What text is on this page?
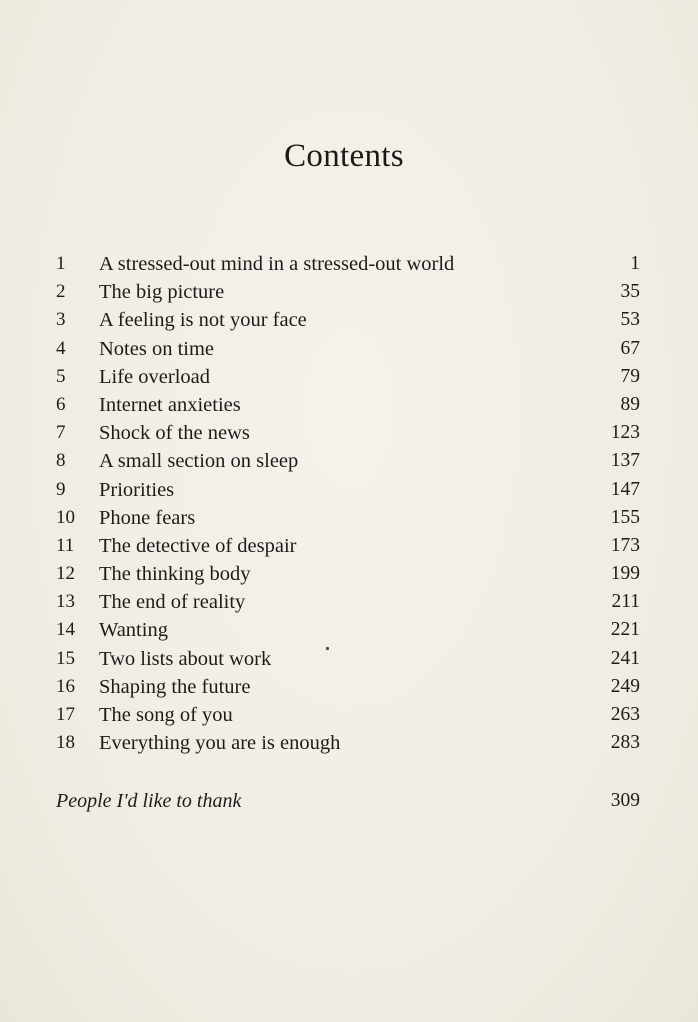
Contents
1	A stressed-out mind in a stressed-out world	1
2	The big picture	35
3	A feeling is not your face	53
4	Notes on time	67
5	Life overload	79
6	Internet anxieties	89
7	Shock of the news	123
8	A small section on sleep	137
9	Priorities	147
10	Phone fears	155
11	The detective of despair	173
12	The thinking body	199
13	The end of reality	211
14	Wanting	221
15	Two lists about work	241
16	Shaping the future	249
17	The song of you	263
18	Everything you are is enough	283
People I'd like to thank	309
